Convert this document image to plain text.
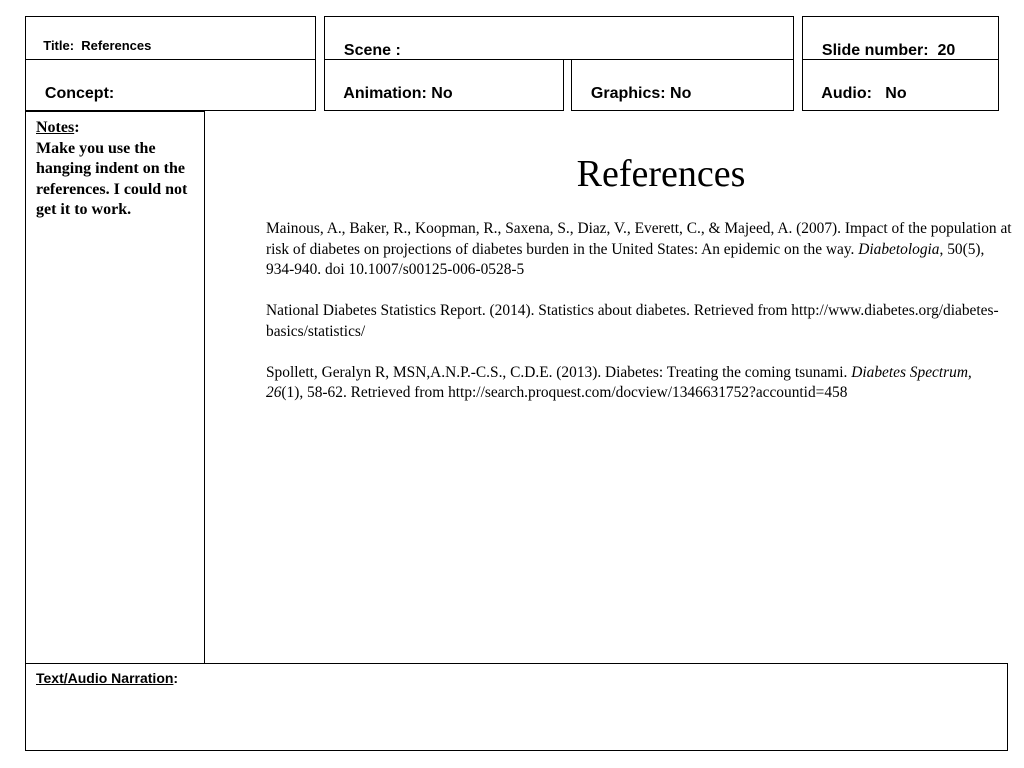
Title:  References	Scene :	Slide number:  20

Concept:	Animation: No	Graphics: No	Audio:   No

Notes:
Make you use the hanging indent on the references. I could not get it to work.
References

Mainous, A., Baker, R., Koopman, R., Saxena, S., Diaz, V., Everett, C., & Majeed, A. (2007). Impact of the population at risk of diabetes on projections of diabetes burden in the United States: An epidemic on the way. Diabetologia, 50(5), 934-940. doi 10.1007/s00125-006-0528-5

National Diabetes Statistics Report. (2014). Statistics about diabetes. Retrieved from http://www.diabetes.org/diabetes-basics/statistics/

Spollett, Geralyn R, MSN,A.N.P.-C.S., C.D.E. (2013). Diabetes: Treating the coming tsunami. Diabetes Spectrum, 26(1), 58-62. Retrieved from http://search.proquest.com/docview/1346631752?accountid=458

Text/Audio Narration:
